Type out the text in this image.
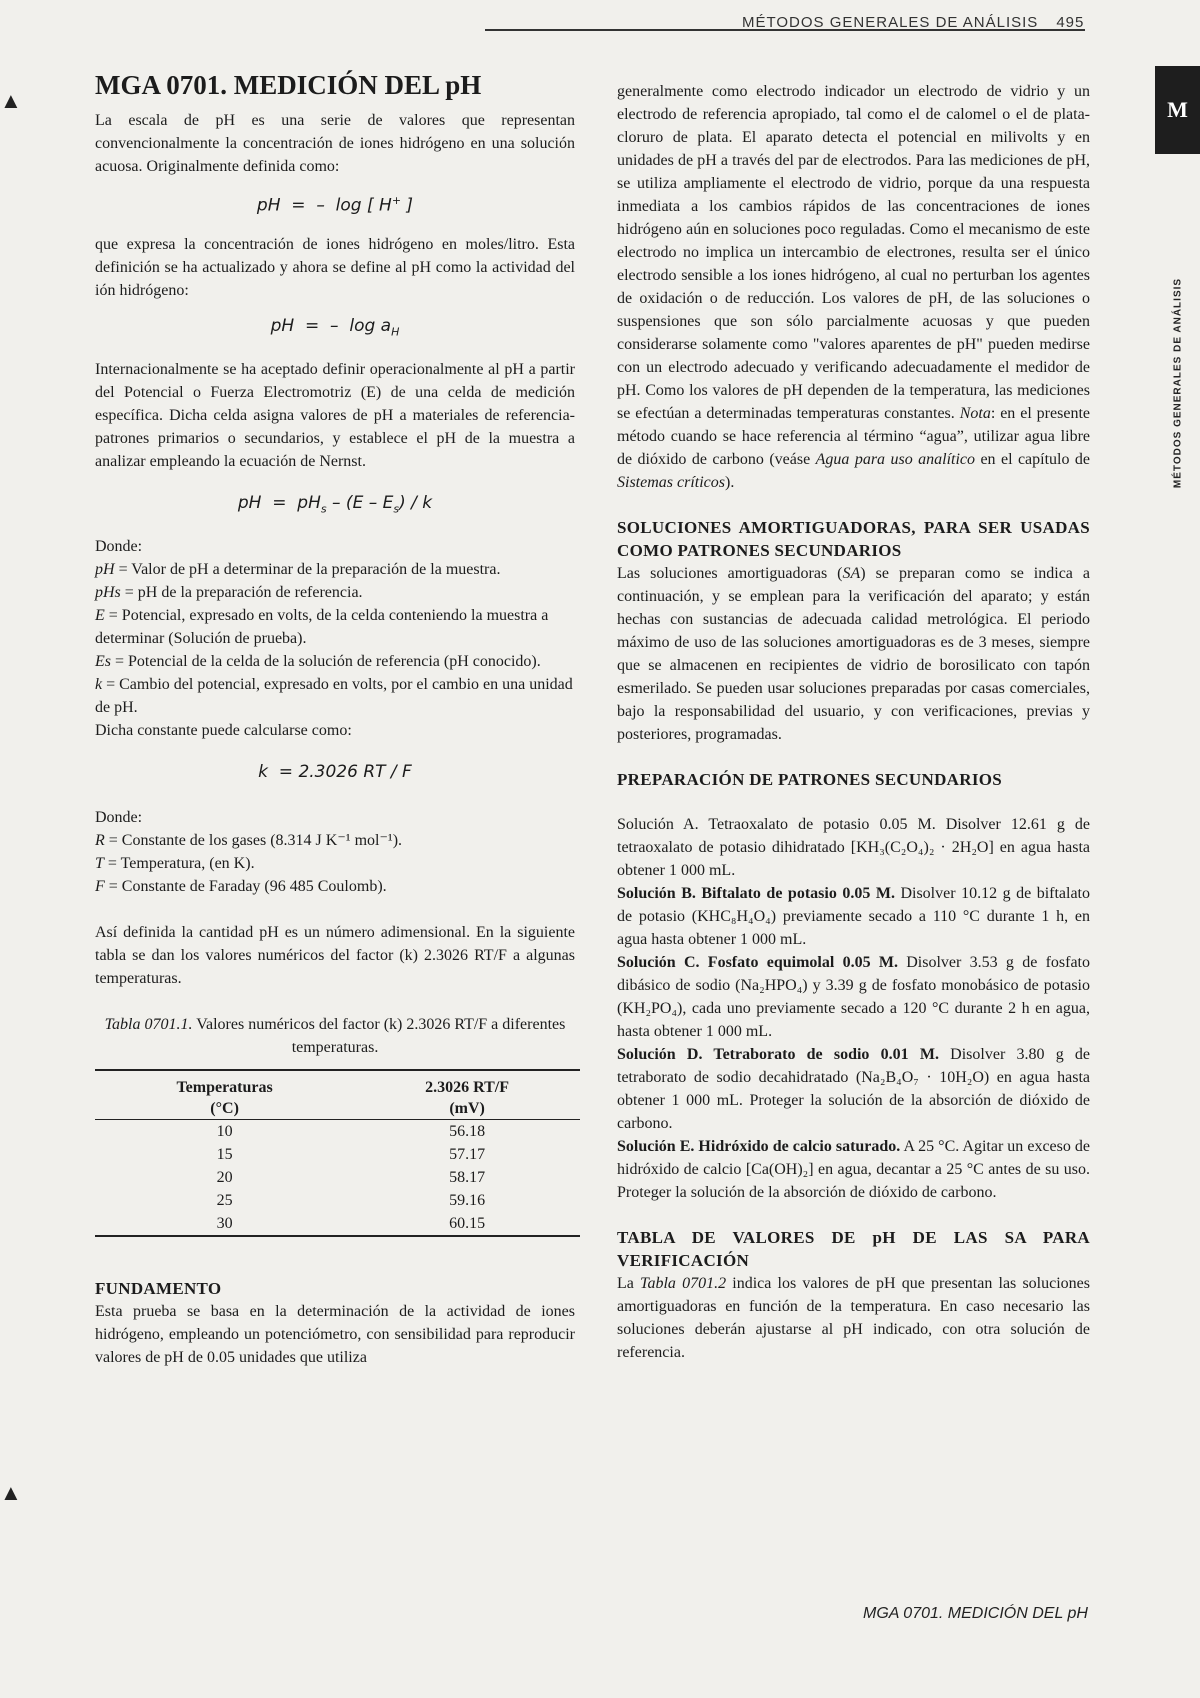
MÉTODOS GENERALES DE ANÁLISIS 495
M
MÉTODOS GENERALES DE ANÁLISIS
▲
▲
MGA 0701. MEDICIÓN DEL pH

La escala de pH es una serie de valores que representan convencionalmente la concentración de iones hidrógeno en una solución acuosa. Originalmente definida como:

pH  =  –  log [ H+ ]

que expresa la concentración de iones hidrógeno en moles/litro. Esta definición se ha actualizado y ahora se define al pH como la actividad del ión hidrógeno:

pH  =  –  $\log a_H$

Internacionalmente se ha aceptado definir operacionalmente al pH a partir del Potencial o Fuerza Electromotriz (E) de una celda de medición específica. Dicha celda asigna valores de pH a materiales de referencia-patrones primarios o secundarios, y establece el pH de la muestra a analizar empleando la ecuación de Nernst.

pH  =  $pH_s - (E - E_s)$ / k

Donde:

pH = Valor de pH a determinar de la preparación de la muestra.

pHs = pH de la preparación de referencia.

E = Potencial, expresado en volts, de la celda conteniendo la muestra a determinar (Solución de prueba).

Es = Potencial de la celda de la solución de referencia (pH conocido).

k = Cambio del potencial, expresado en volts, por el cambio en una unidad de pH.

Dicha constante puede calcularse como:

k  = 2.3026 RT / F

Donde:

R = Constante de los gases (8.314 J K⁻¹ mol⁻¹).

T = Temperatura, (en K).

F = Constante de Faraday (96 485 Coulomb).

Así definida la cantidad pH es un número adimensional. En la siguiente tabla se dan los valores numéricos del factor (k) 2.3026 RT/F a algunas temperaturas.

Tabla 0701.1. Valores numéricos del factor (k) 2.3026 RT/F a diferentes temperaturas.

Temperaturas	2.3026 RT/F
(°C)	(mV)
10	56.18
15	57.17
20	58.17
25	59.16
30	60.15

FUNDAMENTO

Esta prueba se basa en la determinación de la actividad de iones hidrógeno, empleando un potenciómetro, con sensibilidad para reproducir valores de pH de 0.05 unidades que utiliza

generalmente como electrodo indicador un electrodo de vidrio y un electrodo de referencia apropiado, tal como el de calomel o el de plata-cloruro de plata. El aparato detecta el potencial en milivolts y en unidades de pH a través del par de electrodos. Para las mediciones de pH, se utiliza ampliamente el electrodo de vidrio, porque da una respuesta inmediata a los cambios rápidos de las concentraciones de iones hidrógeno aún en soluciones poco reguladas. Como el mecanismo de este electrodo no implica un intercambio de electrones, resulta ser el único electrodo sensible a los iones hidrógeno, al cual no perturban los agentes de oxidación o de reducción. Los valores de pH, de las soluciones o suspensiones que son sólo parcialmente acuosas y que pueden considerarse solamente como "valores aparentes de pH" pueden medirse con un electrodo adecuado y verificando adecuadamente el medidor de pH. Como los valores de pH dependen de la temperatura, las mediciones se efectúan a determinadas temperaturas constantes. Nota: en el presente método cuando se hace referencia al término “agua”, utilizar agua libre de dióxido de carbono (veáse Agua para uso analítico en el capítulo de Sistemas críticos).

SOLUCIONES AMORTIGUADORAS, PARA SER USADAS COMO PATRONES SECUNDARIOS

Las soluciones amortiguadoras (SA) se preparan como se indica a continuación, y se emplean para la verificación del aparato; y están hechas con sustancias de adecuada calidad metrológica. El periodo máximo de uso de las soluciones amortiguadoras es de 3 meses, siempre que se almacenen en recipientes de vidrio de borosilicato con tapón esmerilado. Se pueden usar soluciones preparadas por casas comerciales, bajo la responsabilidad del usuario, y con verificaciones, previas y posteriores, programadas.

PREPARACIÓN DE PATRONES SECUNDARIOS

Solución A. Tetraoxalato de potasio 0.05 M. Disolver 12.61 g de tetraoxalato de potasio dihidratado [KH₃(C₂O₄)₂ · 2H₂O] en agua hasta obtener 1 000 mL.

Solución B. Biftalato de potasio 0.05 M. Disolver 10.12 g de biftalato de potasio (KHC₈H₄O₄) previamente secado a 110 °C durante 1 h, en agua hasta obtener 1 000 mL.

Solución C. Fosfato equimolal 0.05 M. Disolver 3.53 g de fosfato dibásico de sodio (Na₂HPO₄) y 3.39 g de fosfato monobásico de potasio (KH₂PO₄), cada uno previamente secado a 120 °C durante 2 h en agua, hasta obtener 1 000 mL.

Solución D. Tetraborato de sodio 0.01 M. Disolver 3.80 g de tetraborato de sodio decahidratado (Na₂B₄O₇ · 10H₂O) en agua hasta obtener 1 000 mL. Proteger la solución de la absorción de dióxido de carbono.

Solución E. Hidróxido de calcio saturado. A 25 °C. Agitar un exceso de hidróxido de calcio [Ca(OH)₂] en agua, decantar a 25 °C antes de su uso. Proteger la solución de la absorción de dióxido de carbono.

TABLA DE VALORES DE pH DE LAS SA PARA VERIFICACIÓN

La Tabla 0701.2 indica los valores de pH que presentan las soluciones amortiguadoras en función de la temperatura. En caso necesario las soluciones deberán ajustarse al pH indicado, con otra solución de referencia.

MGA 0701. MEDICIÓN DEL pH
